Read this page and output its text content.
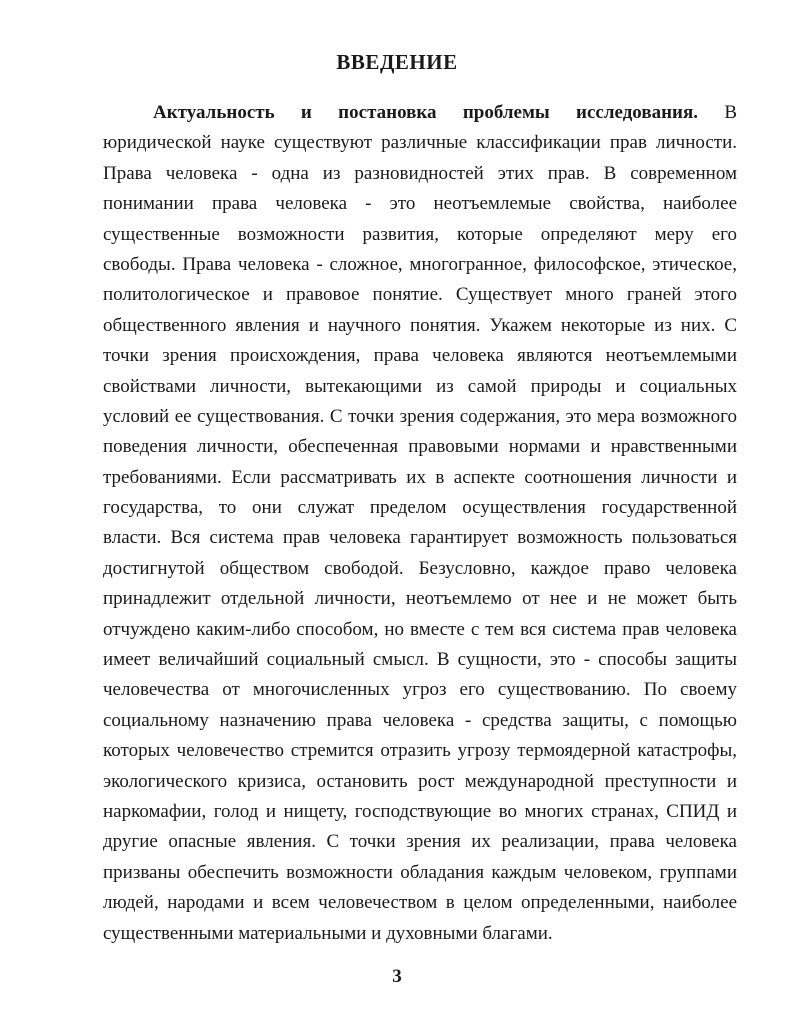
ВВЕДЕНИЕ
Актуальность и постановка проблемы исследования. В
юридической науке существуют различные классификации прав личности.
Права человека - одна из разновидностей этих прав. В современном
понимании права человека - это неотъемлемые свойства, наиболее
существенные возможности развития, которые определяют меру его
свободы. Права человека - сложное, многогранное, философское, этическое,
политологическое и правовое понятие. Существует много граней этого
общественного явления и научного понятия. Укажем некоторые из них. С
точки зрения происхождения, права человека являются неотъемлемыми
свойствами личности, вытекающими из самой природы и социальных
условий ее существования. С точки зрения содержания, это мера возможного
поведения личности, обеспеченная правовыми нормами и нравственными
требованиями. Если рассматривать их в аспекте соотношения личности и
государства, то они служат пределом осуществления государственной
власти. Вся система прав человека гарантирует возможность пользоваться
достигнутой обществом свободой. Безусловно, каждое право человека
принадлежит отдельной личности, неотъемлемо от нее и не может быть
отчуждено каким-либо способом, но вместе с тем вся система прав человека
имеет величайший социальный смысл. В сущности, это - способы защиты
человечества от многочисленных угроз его существованию. По своему
социальному назначению права человека - средства защиты, с помощью
которых человечество стремится отразить угрозу термоядерной катастрофы,
экологического кризиса, остановить рост международной преступности и
наркомафии, голод и нищету, господствующие во многих странах, СПИД и
другие опасные явления. С точки зрения их реализации, права человека
призваны обеспечить возможности обладания каждым человеком, группами
людей, народами и всем человечеством в целом определенными, наиболее
существенными материальными и духовными благами.
3
